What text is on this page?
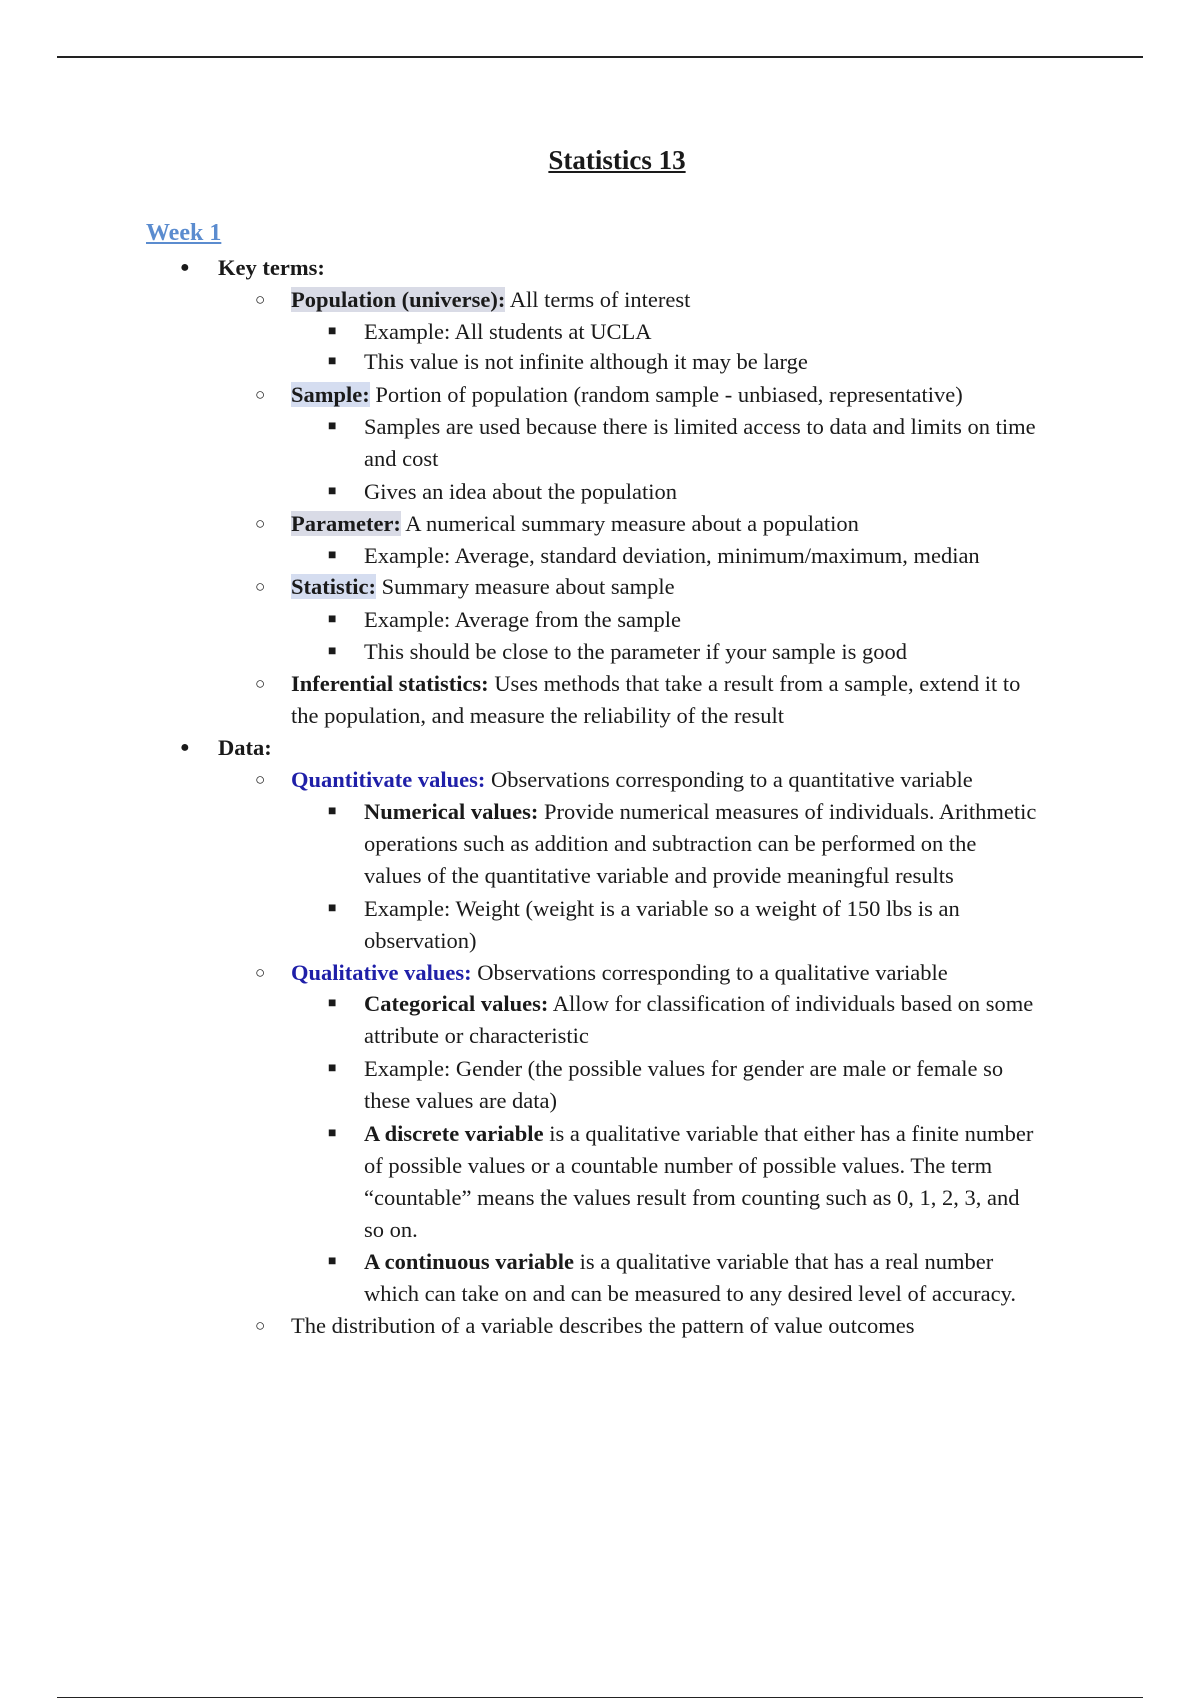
Statistics 13
Week 1
● Key terms:
○ Population (universe): All terms of interest
■ Example: All students at UCLA
■ This value is not infinite although it may be large
○ Sample: Portion of population (random sample - unbiased, representative)
■ Samples are used because there is limited access to data and limits on time
and cost
■ Gives an idea about the population
○ Parameter: A numerical summary measure about a population
■ Example: Average, standard deviation, minimum/maximum, median
○ Statistic: Summary measure about sample
■ Example: Average from the sample
■ This should be close to the parameter if your sample is good
○ Inferential statistics: Uses methods that take a result from a sample, extend it to
the population, and measure the reliability of the result
● Data:
○ Quantitivate values: Observations corresponding to a quantitative variable
■ Numerical values: Provide numerical measures of individuals. Arithmetic
operations such as addition and subtraction can be performed on the
values of the quantitative variable and provide meaningful results
■ Example: Weight (weight is a variable so a weight of 150 lbs is an
observation)
○ Qualitative values: Observations corresponding to a qualitative variable
■ Categorical values: Allow for classification of individuals based on some
attribute or characteristic
■ Example: Gender (the possible values for gender are male or female so
these values are data)
■ A discrete variable is a qualitative variable that either has a finite number
of possible values or a countable number of possible values. The term
“countable” means the values result from counting such as 0, 1, 2, 3, and
so on.
■ A continuous variable is a qualitative variable that has a real number
which can take on and can be measured to any desired level of accuracy.
○ The distribution of a variable describes the pattern of value outcomes
